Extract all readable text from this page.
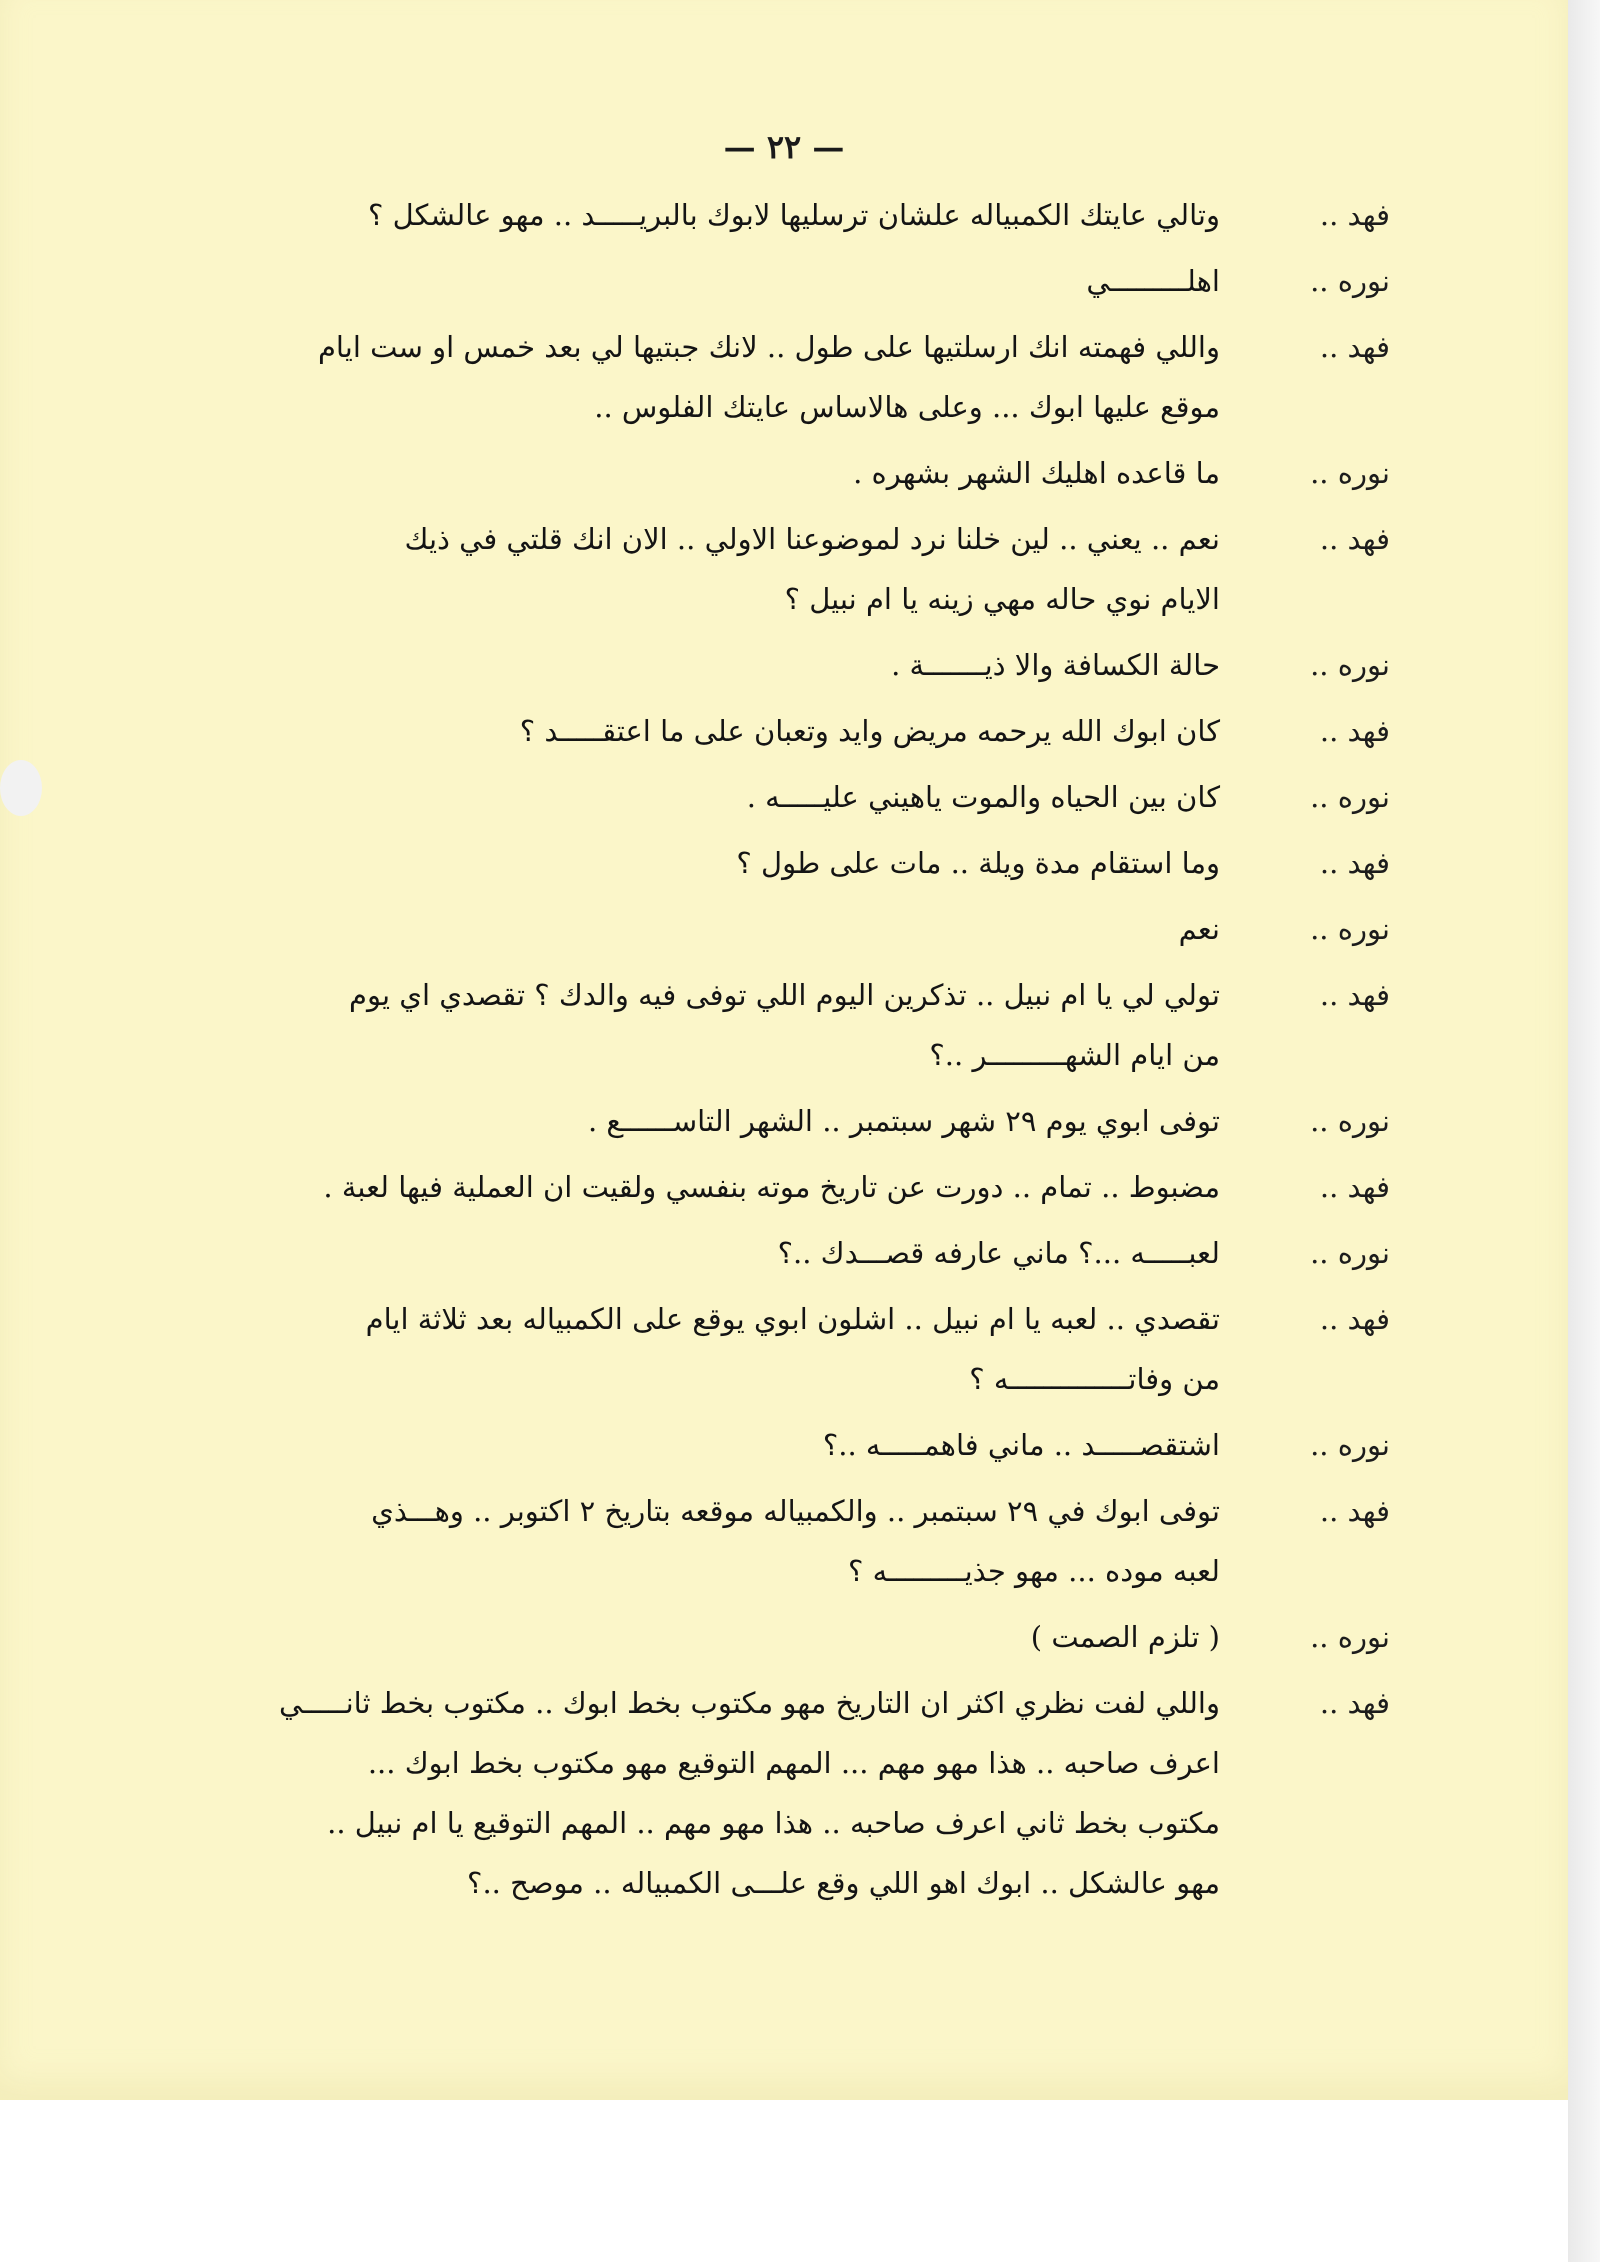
— ٢٢ —
فهد ..
وتالي عايتك الكمبياله علشان ترسليها لابوك بالبريـــــد .. مهو عالشكل ؟
نوره ..
اهلـــــــــي
فهد ..
واللي فهمته انك ارسلتيها على طول .. لانك جبتيها لي بعد خمس او ست ايام
موقع عليها ابوك ... وعلى هالاساس عايتك الفلوس ..
نوره ..
ما قاعده اهليك الشهر بشهره .
فهد ..
نعم .. يعني .. لين خلنا نرد لموضوعنا الاولي .. الان انك قلتي في ذيك
الايام نوي حاله مهي زينه يا ام نبيل ؟
نوره ..
حالة الكسافة والا ذيـــــــة .
فهد ..
كان ابوك الله يرحمه مريض وايد وتعبان على ما اعتقـــــد ؟
نوره ..
كان بين الحياه والموت ياهيني عليـــــه .
فهد ..
وما استقام مدة ويلة .. مات على طول ؟
نوره ..
نعم
فهد ..
تولي لي يا ام نبيل .. تذكرين اليوم اللي توفى فيه والدك ؟ تقصدي اي يوم
من ايام الشهـــــــــر ..؟
نوره ..
توفى ابوي يوم ٢٩ شهر سبتمبر .. الشهر التاســــــع .
فهد ..
مضبوط .. تمام .. دورت عن تاريخ موته بنفسي ولقيت ان العملية فيها لعبة .
نوره ..
لعبـــــه ...؟ ماني عارفه قصـــدك ..؟
فهد ..
تقصدي .. لعبه يا ام نبيل .. اشلون ابوي يوقع على الكمبياله بعد ثلاثة ايام
من وفاتــــــــــــــه ؟
نوره ..
اشتقصـــــد .. ماني فاهمـــــه ..؟
فهد ..
توفى ابوك في ٢٩ سبتمبر .. والكمبياله موقعه بتاريخ ٢ اكتوبر .. وهـــذي
لعبه موده ... مهو جذيـــــــــه ؟
نوره ..
( تلزم الصمت )
فهد ..
واللي لفت نظري اكثر ان التاريخ مهو مكتوب بخط ابوك .. مكتوب بخط ثانـــــي
اعرف صاحبه .. هذا مهو مهم ... المهم التوقيع مهو مكتوب بخط ابوك ...
مكتوب بخط ثاني اعرف صاحبه .. هذا مهو مهم .. المهم التوقيع يا ام نبيل ..
مهو عالشكل .. ابوك اهو اللي وقع علـــى الكمبياله .. موصح ..؟
